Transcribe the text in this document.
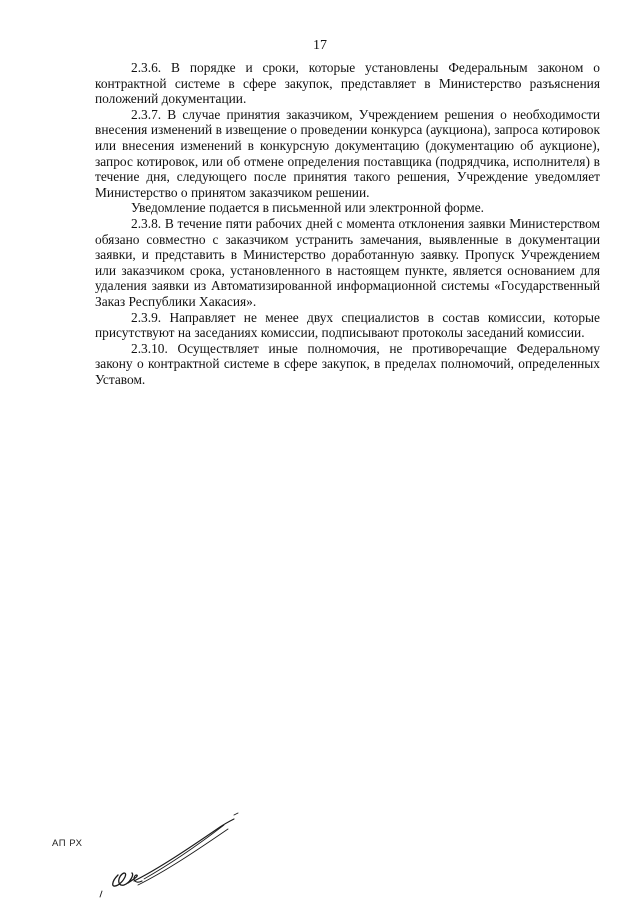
17

2.3.6. В порядке и сроки, которые установлены Федеральным законом о контрактной системе в сфере закупок, представляет в Министерство разъяснения положений документации.

2.3.7. В случае принятия заказчиком, Учреждением решения о необходимости внесения изменений в извещение о проведении конкурса (аукциона), запроса котировок или внесения изменений в конкурсную документацию (документацию об аукционе), запрос котировок, или об отмене определения поставщика (подрядчика, исполнителя) в течение дня, следующего после принятия такого решения, Учреждение уведомляет Министерство о принятом заказчиком решении.

Уведомление подается в письменной или электронной форме.

2.3.8. В течение пяти рабочих дней с момента отклонения заявки Министерством обязано совместно с заказчиком устранить замечания, выявленные в документации заявки, и представить в Министерство доработанную заявку. Пропуск Учреждением или заказчиком срока, установленного в настоящем пункте, является основанием для удаления заявки из Автоматизированной информационной системы «Государственный Заказ Республики Хакасия».

2.3.9. Направляет не менее двух специалистов в состав комиссии, которые присутствуют на заседаниях комиссии, подписывают протоколы заседаний комиссии.

2.3.10. Осуществляет иные полномочия, не противоречащие Федеральному закону о контрактной системе в сфере закупок, в пределах полномочий, определенных Уставом.

АП РХ
